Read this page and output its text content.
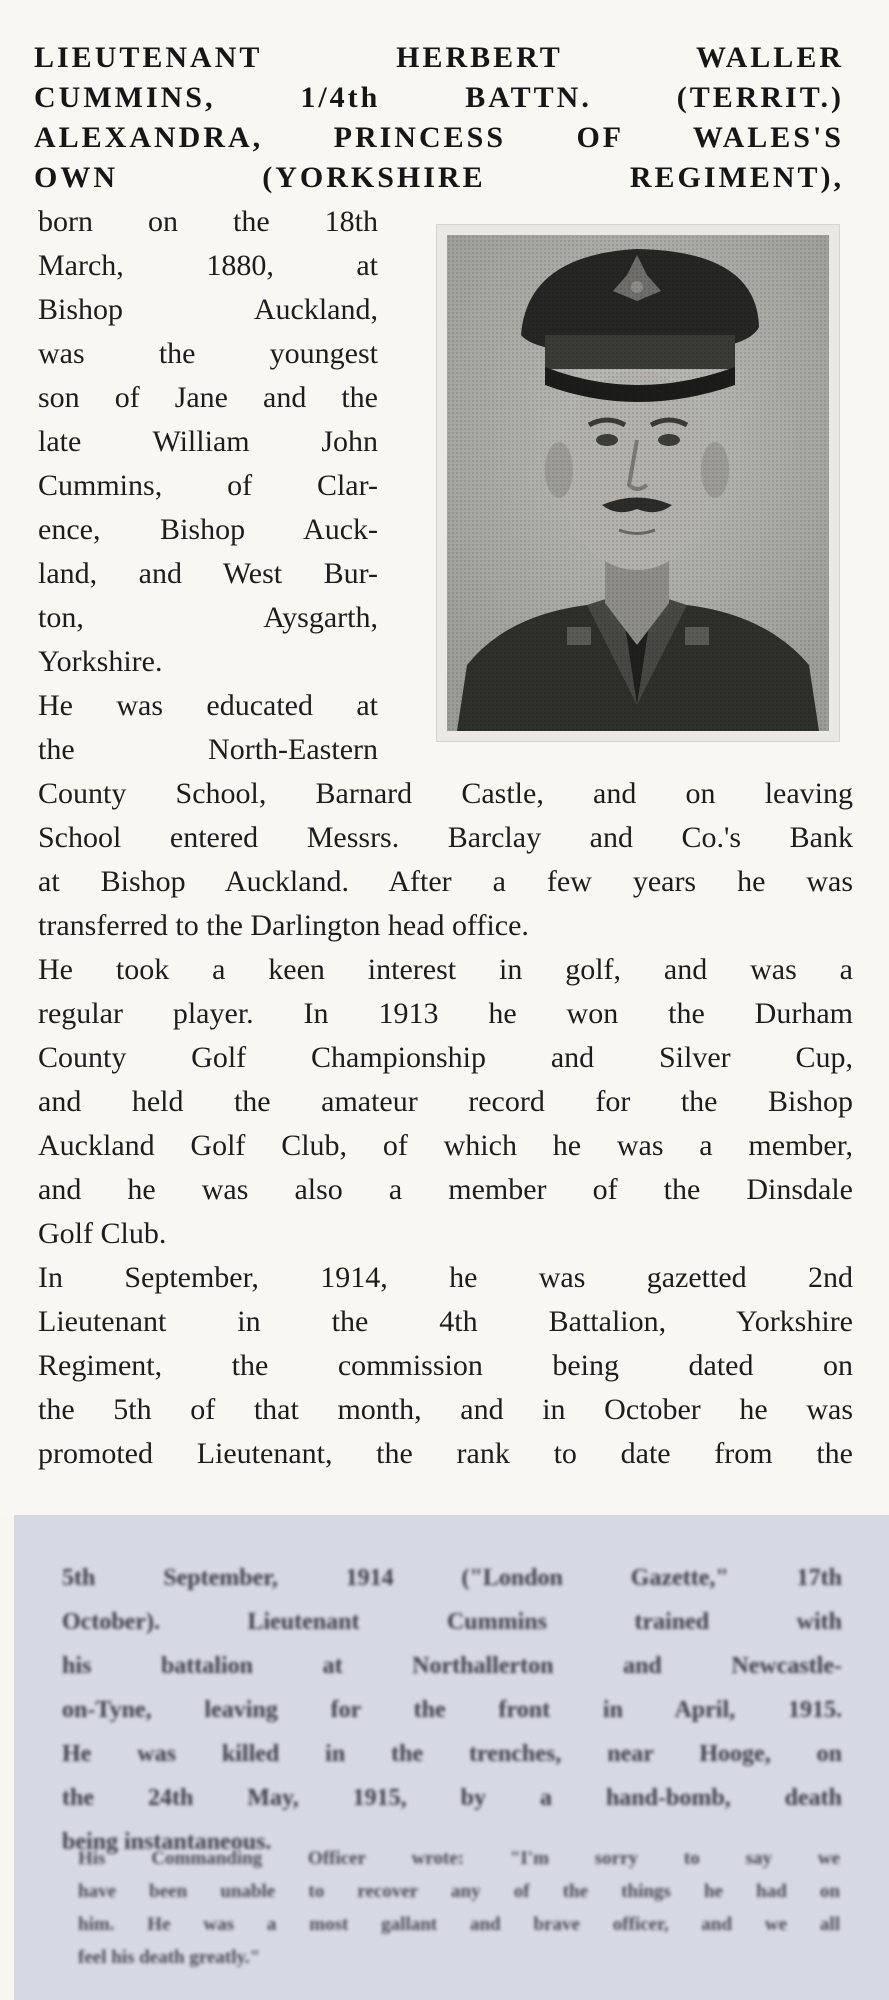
LIEUTENANT HERBERT WALLER
CUMMINS, 1/4th BATTN. (TERRIT.)
ALEXANDRA, PRINCESS OF WALES'S
OWN (YORKSHIRE REGIMENT),
born on the 18th
March, 1880, at
Bishop Auckland,
was the youngest
son of Jane and the
late William John
Cummins, of Clar-
ence, Bishop Auck-
land, and West Bur-
ton, Aysgarth,
Yorkshire.
He was educated at
the North-Eastern
County School, Barnard Castle, and on leaving
School entered Messrs. Barclay and Co.'s Bank
at Bishop Auckland. After a few years he was
transferred to the Darlington head office.
He took a keen interest in golf, and was a
regular player. In 1913 he won the Durham
County Golf Championship and Silver Cup,
and held the amateur record for the Bishop
Auckland Golf Club, of which he was a member,
and he was also a member of the Dinsdale
Golf Club.
In September, 1914, he was gazetted 2nd
Lieutenant in the 4th Battalion, Yorkshire
Regiment, the commission being dated on
the 5th of that month, and in October he was
promoted Lieutenant, the rank to date from the
5th September, 1914 ("London Gazette," 17th
October). Lieutenant Cummins trained with
his battalion at Northallerton and Newcastle-
on-Tyne, leaving for the front in April, 1915.
He was killed in the trenches, near Hooge, on
the 24th May, 1915, by a hand-bomb, death
being instantaneous.
His Commanding Officer wrote: "I'm sorry to say we
have been unable to recover any of the things he had on
him. He was a most gallant and brave officer, and we all
feel his death greatly."
